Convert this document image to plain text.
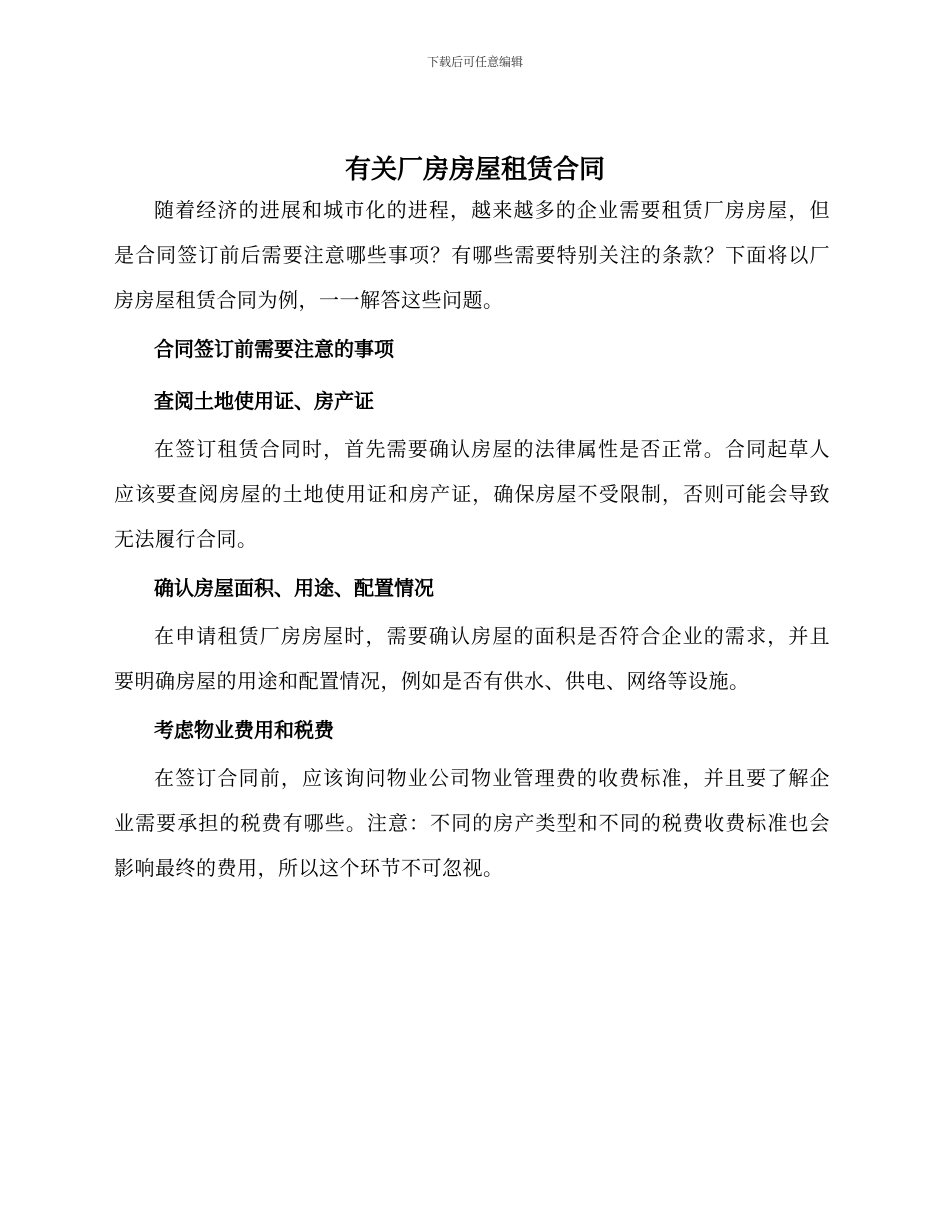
下载后可任意编辑
有关厂房房屋租赁合同

随着经济的进展和城市化的进程，越来越多的企业需要租赁厂房房屋，但是合同签订前后需要注意哪些事项？有哪些需要特别关注的条款？下面将以厂房房屋租赁合同为例，一一解答这些问题。

合同签订前需要注意的事项

查阅土地使用证、房产证

在签订租赁合同时，首先需要确认房屋的法律属性是否正常。合同起草人应该要查阅房屋的土地使用证和房产证，确保房屋不受限制，否则可能会导致无法履行合同。

确认房屋面积、用途、配置情况

在申请租赁厂房房屋时，需要确认房屋的面积是否符合企业的需求，并且要明确房屋的用途和配置情况，例如是否有供水、供电、网络等设施。

考虑物业费用和税费

在签订合同前，应该询问物业公司物业管理费的收费标准，并且要了解企业需要承担的税费有哪些。注意：不同的房产类型和不同的税费收费标准也会影响最终的费用，所以这个环节不可忽视。
